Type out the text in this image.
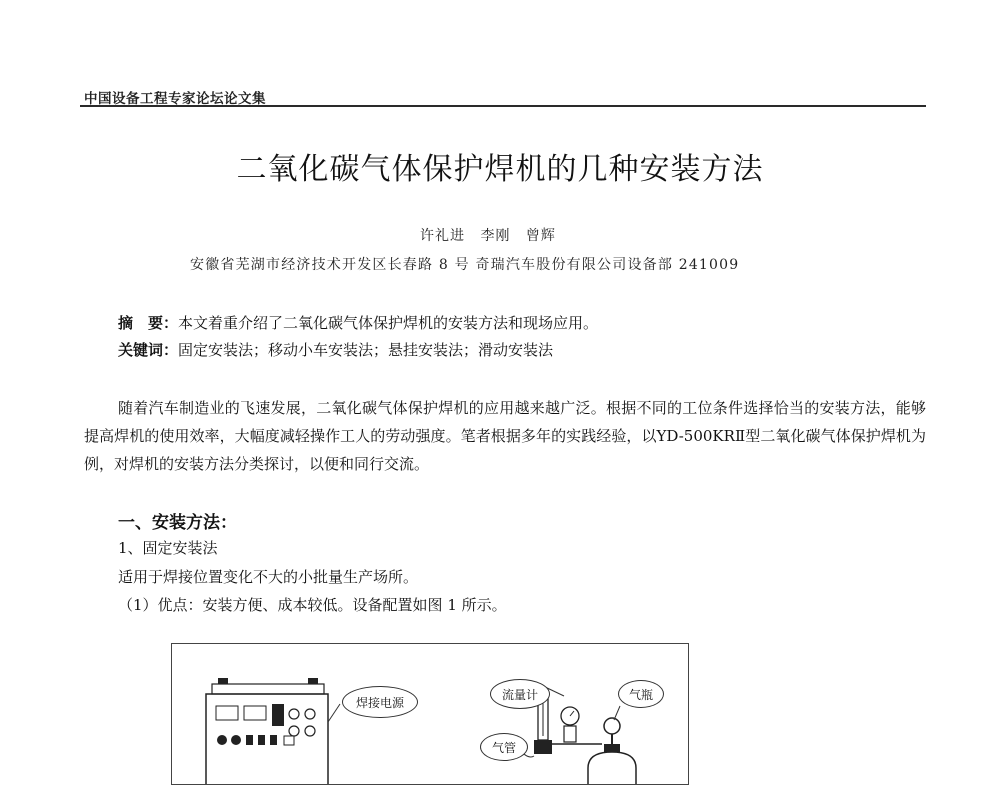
中国设备工程专家论坛论文集
二氧化碳气体保护焊机的几种安装方法
许礼进 李刚 曾辉
安徽省芜湖市经济技术开发区长春路 8 号 奇瑞汽车股份有限公司设备部 241009
摘　要：本文着重介绍了二氧化碳气体保护焊机的安装方法和现场应用。
关键词：固定安装法；移动小车安装法；悬挂安装法；滑动安装法

随着汽车制造业的飞速发展，二氧化碳气体保护焊机的应用越来越广泛。根据不同的工位条件选择恰当的安装方法，能够提高焊机的使用效率，大幅度减轻操作工人的劳动强度。笔者根据多年的实践经验，以YD-500KRⅡ型二氧化碳气体保护焊机为例，对焊机的安装方法分类探讨，以便和同行交流。

一、安装方法：
1、固定安装法
适用于焊接位置变化不大的小批量生产场所。
（1）优点：安装方便、成本较低。设备配置如图 1 所示。
焊接电源
流量计	气瓶
气管
